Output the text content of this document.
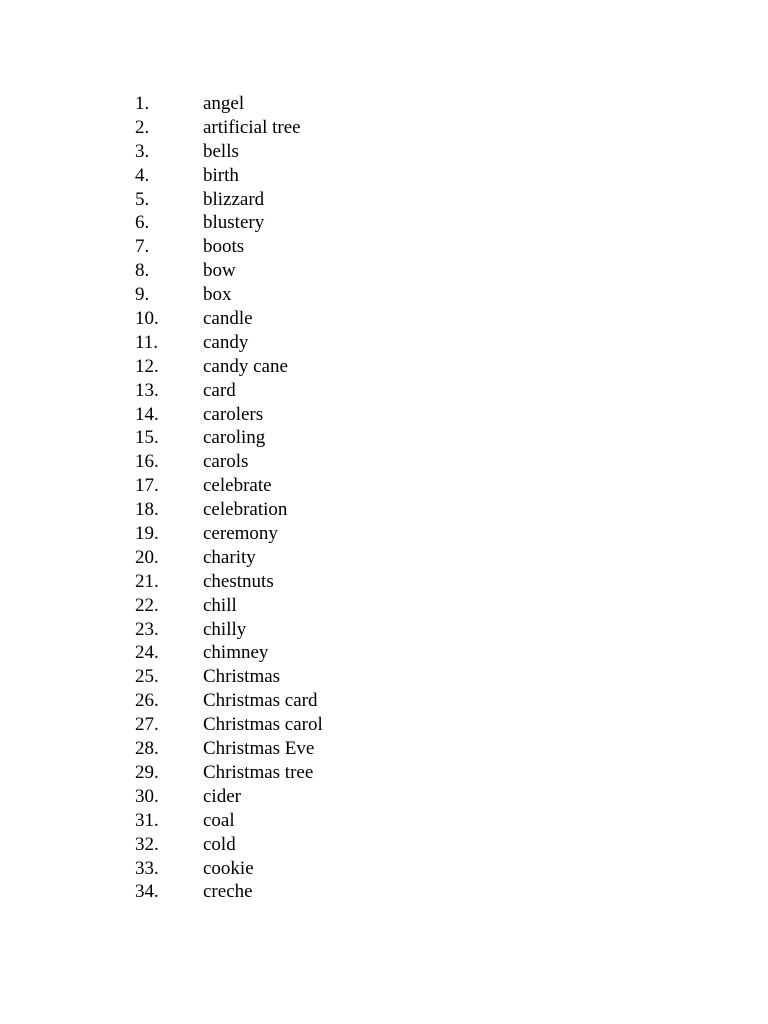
1.	angel
2.	artificial tree
3.	bells
4.	birth
5.	blizzard
6.	blustery
7.	boots
8.	bow
9.	box
10.	candle
11.	candy
12.	candy cane
13.	card
14.	carolers
15.	caroling
16.	carols
17.	celebrate
18.	celebration
19.	ceremony
20.	charity
21.	chestnuts
22.	chill
23.	chilly
24.	chimney
25.	Christmas
26.	Christmas card
27.	Christmas carol
28.	Christmas Eve
29.	Christmas tree
30.	cider
31.	coal
32.	cold
33.	cookie
34.	creche
